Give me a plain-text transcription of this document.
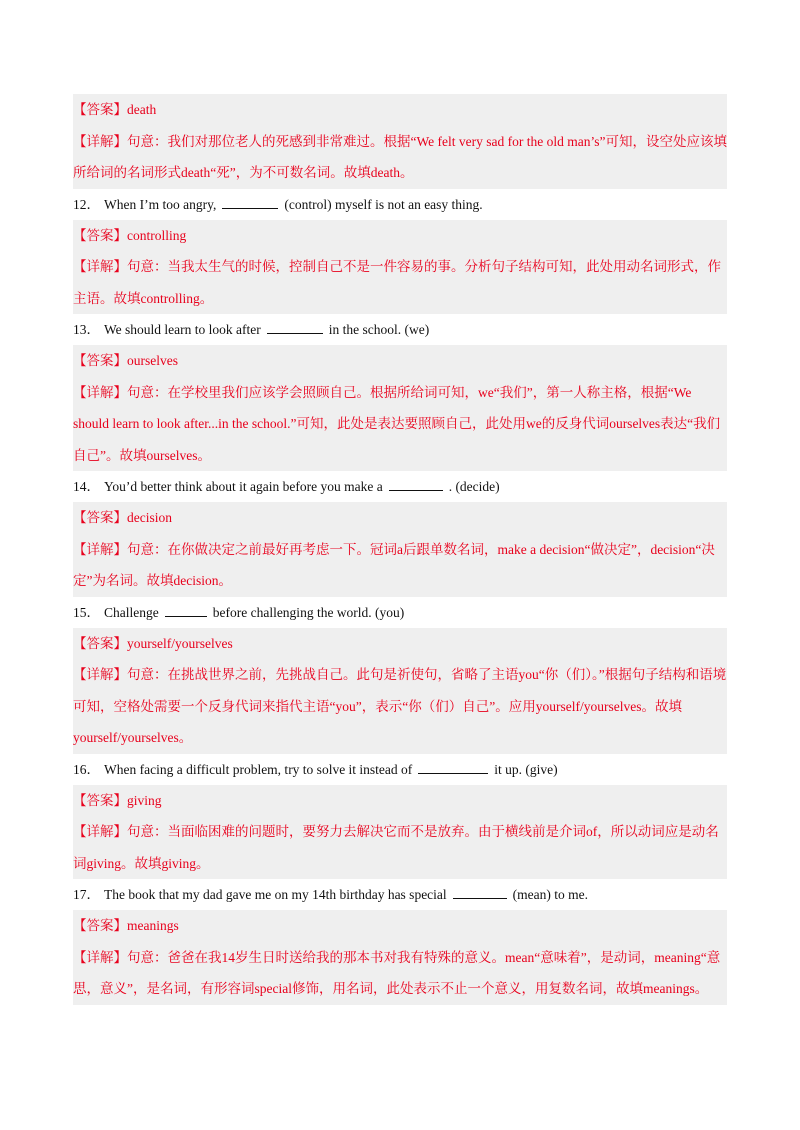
【答案】death
【详解】句意：我们对那位老人的死感到非常难过。根据“We felt very sad for the old man’s”可知，设空处应该填所给词的名词形式death“死”，为不可数名词。故填death。
12． When I’m too angry,	(control) myself is not an easy thing.
【答案】controlling
【详解】句意：当我太生气的时候，控制自己不是一件容易的事。分析句子结构可知，此处用动名词形式，作主语。故填controlling。
13． We should learn to look after	in the school. (we)
【答案】ourselves
【详解】句意：在学校里我们应该学会照顾自己。根据所给词可知，we“我们”，第一人称主格，根据“We should learn to look after...in the school.”可知，此处是表达要照顾自己，此处用we的反身代词ourselves表达“我们自己”。故填ourselves。
14． You’d better think about it again before you make a	. (decide)
【答案】decision
【详解】句意：在你做决定之前最好再考虑一下。冠词a后跟单数名词，make a decision“做决定”，decision“决定”为名词。故填decision。
15． Challenge	before challenging the world. (you)
【答案】yourself/yourselves
【详解】句意：在挑战世界之前，先挑战自己。此句是祈使句，省略了主语you“你（们）。”根据句子结构和语境可知，空格处需要一个反身代词来指代主语“you”，表示“你（们）自己”。应用yourself/yourselves。故填yourself/yourselves。
16． When facing a difficult problem, try to solve it instead of	it up. (give)
【答案】giving
【详解】句意：当面临困难的问题时，要努力去解决它而不是放弃。由于横线前是介词of，所以动词应是动名词giving。故填giving。
17． The book that my dad gave me on my 14th birthday has special	(mean) to me.
【答案】meanings
【详解】句意：爸爸在我14岁生日时送给我的那本书对我有特殊的意义。mean“意味着”，是动词，meaning“意思，意义”，是名词，有形容词special修饰，用名词，此处表示不止一个意义，用复数名词，故填meanings。
